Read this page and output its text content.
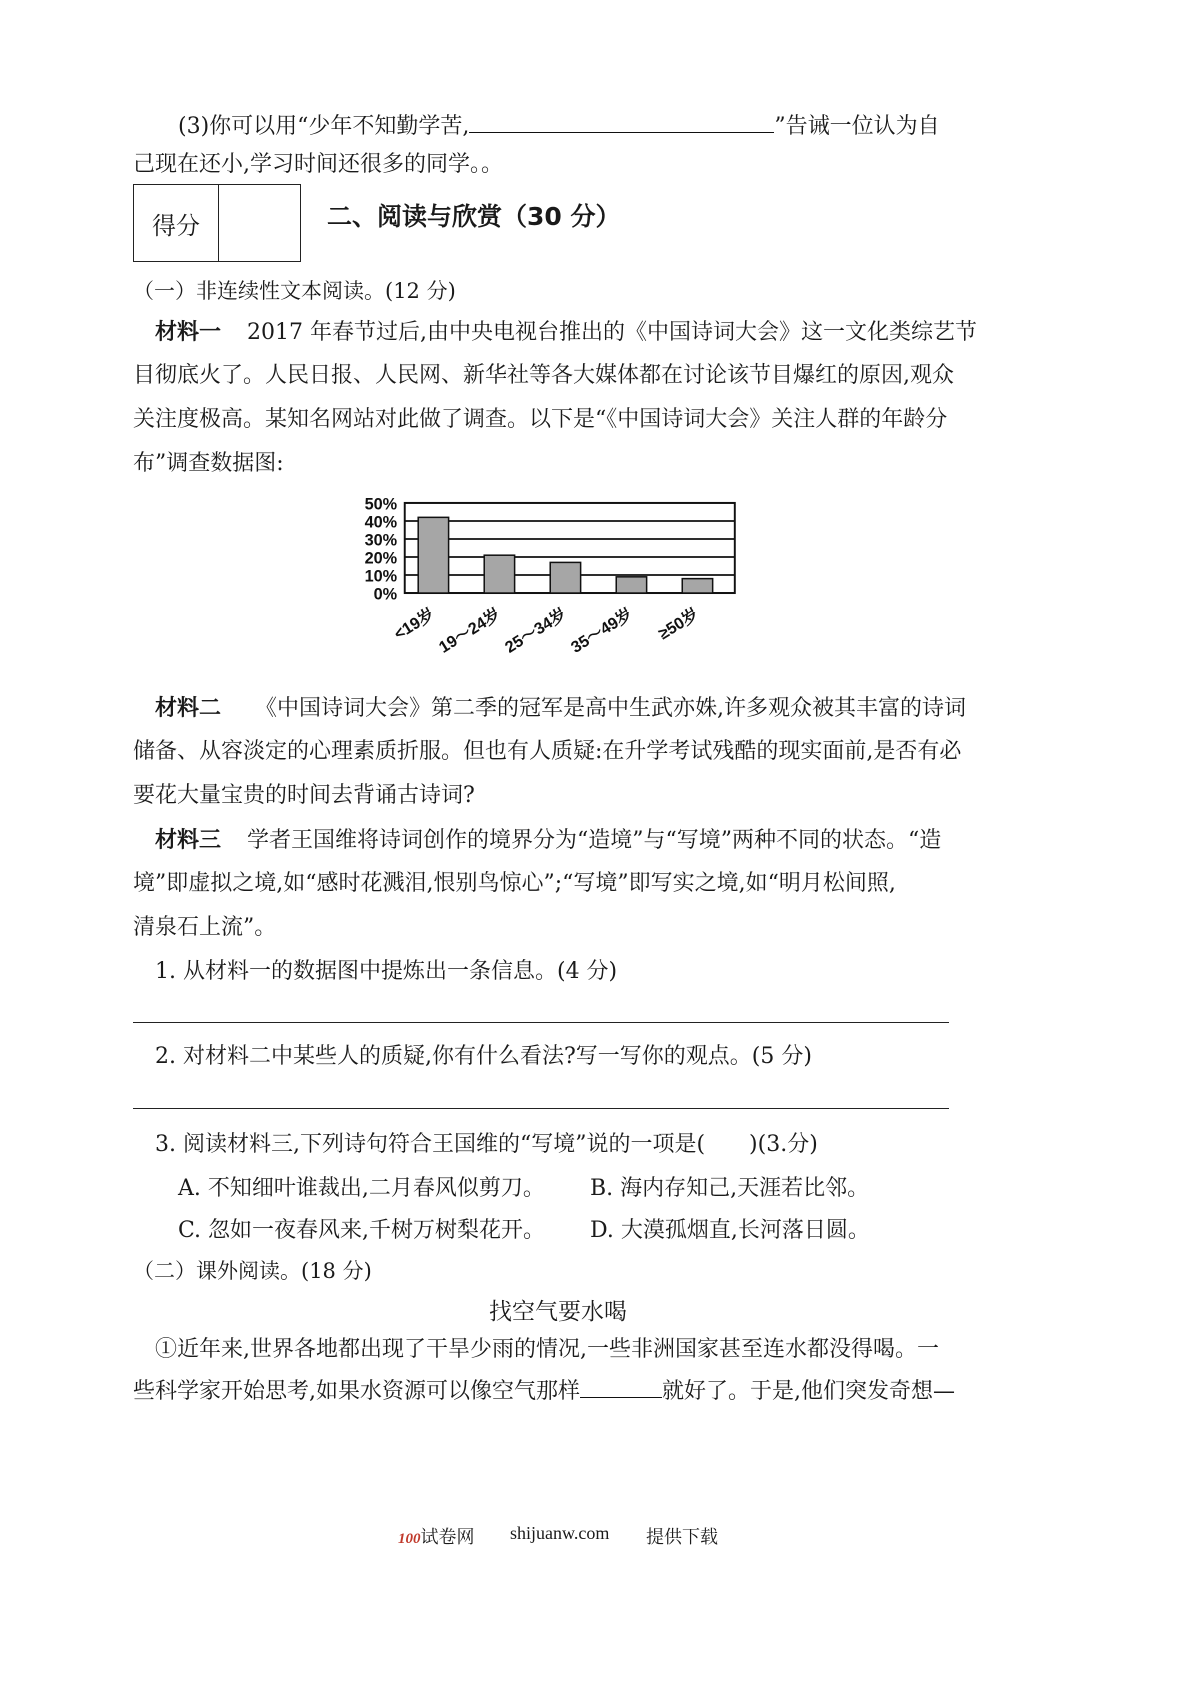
(3)你可以用“少年不知勤学苦,	”告诫一位认为自
己现在还小,学习时间还很多的同学。。
得分	二、阅读与欣赏（30 分）
（一）非连续性文本阅读。(12 分)
材料一 2017 年春节过后,由中央电视台推出的《中国诗词大会》这一文化类综艺节
目彻底火了。人民日报、人民网、新华社等各大媒体都在讨论该节目爆红的原因,观众
关注度极高。某知名网站对此做了调查。以下是“《中国诗词大会》关注人群的年龄分
布”调查数据图:
0%
10%
20%
30%
40%
50%
<19岁
19～24岁
25～34岁
35～49岁 ≥50岁
材料二 《中国诗词大会》第二季的冠军是高中生武亦姝,许多观众被其丰富的诗词
储备、从容淡定的心理素质折服。但也有人质疑:在升学考试残酷的现实面前,是否有必
要花大量宝贵的时间去背诵古诗词?
材料三 学者王国维将诗词创作的境界分为“造境”与“写境”两种不同的状态。“造
境”即虚拟之境,如“感时花溅泪,恨别鸟惊心”;“写境”即写实之境,如“明月松间照,
清泉石上流”。
1. 从材料一的数据图中提炼出一条信息。(4 分)
2. 对材料二中某些人的质疑,你有什么看法?写一写你的观点。(5 分)
3. 阅读材料三,下列诗句符合王国维的“写境”说的一项是(　　)(3.分)
A. 不知细叶谁裁出,二月春风似剪刀。 B. 海内存知己,天涯若比邻。
C. 忽如一夜春风来,千树万树梨花开。 D. 大漠孤烟直,长河落日圆。
（二）课外阅读。(18 分)
找空气要水喝
①近年来,世界各地都出现了干旱少雨的情况,一些非洲国家甚至连水都没得喝。一
些科学家开始思考,如果水资源可以像空气那样	就好了。于是,他们突发奇想—
100试卷网 shijuanw.com 提供下载
